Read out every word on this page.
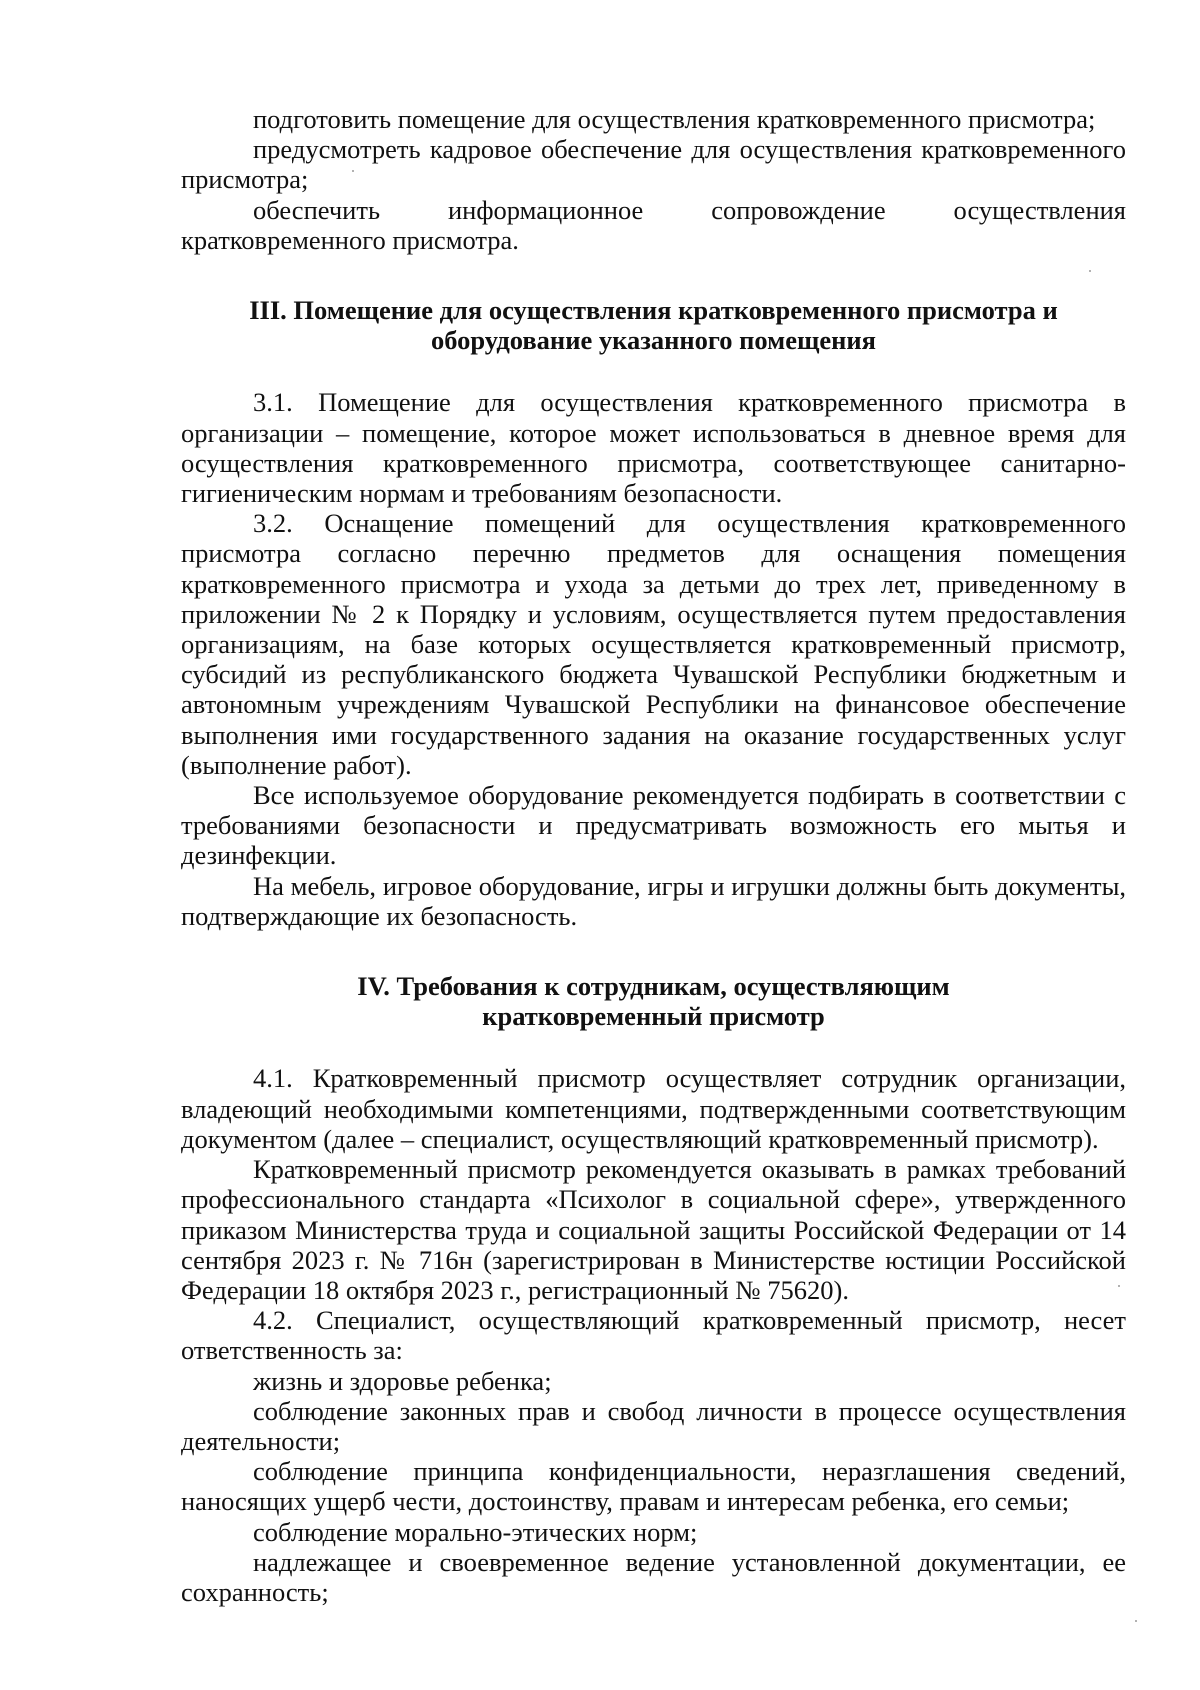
подготовить помещение для осуществления кратковременного присмотра;

предусмотреть кадровое обеспечение для осуществления кратковременного присмотра;

обеспечить информационное сопровождение осуществления кратковременного присмотра.

III. Помещение для осуществления кратковременного присмотра и
оборудование указанного помещения

3.1. Помещение для осуществления кратковременного присмотра в организации – помещение, которое может использоваться в дневное время для осуществления кратковременного присмотра, соответствующее санитарно-гигиеническим нормам и требованиям безопасности.

3.2. Оснащение помещений для осуществления кратковременного присмотра согласно перечню предметов для оснащения помещения кратковременного присмотра и ухода за детьми до трех лет, приведенному в приложении № 2 к Порядку и условиям, осуществляется путем предоставления организациям, на базе которых осуществляется кратковременный присмотр, субсидий из республиканского бюджета Чувашской Республики бюджетным и автономным учреждениям Чувашской Республики на финансовое обеспечение выполнения ими государственного задания на оказание государственных услуг (выполнение работ).

Все используемое оборудование рекомендуется подбирать в соответствии с требованиями безопасности и предусматривать возможность его мытья и дезинфекции.

На мебель, игровое оборудование, игры и игрушки должны быть документы, подтверждающие их безопасность.

IV. Требования к сотрудникам, осуществляющим
кратковременный присмотр

4.1. Кратковременный присмотр осуществляет сотрудник организации, владеющий необходимыми компетенциями, подтвержденными соответствующим документом (далее – специалист, осуществляющий кратковременный присмотр).

Кратковременный присмотр рекомендуется оказывать в рамках требований профессионального стандарта «Психолог в социальной сфере», утвержденного приказом Министерства труда и социальной защиты Российской Федерации от 14 сентября 2023 г. № 716н (зарегистрирован в Министерстве юстиции Российской Федерации 18 октября 2023 г., регистрационный № 75620).

4.2. Специалист, осуществляющий кратковременный присмотр, несет ответственность за:

жизнь и здоровье ребенка;

соблюдение законных прав и свобод личности в процессе осуществления деятельности;

соблюдение принципа конфиденциальности, неразглашения сведений, наносящих ущерб чести, достоинству, правам и интересам ребенка, его семьи;

соблюдение морально-этических норм;

надлежащее и своевременное ведение установленной документации, ее сохранность;
